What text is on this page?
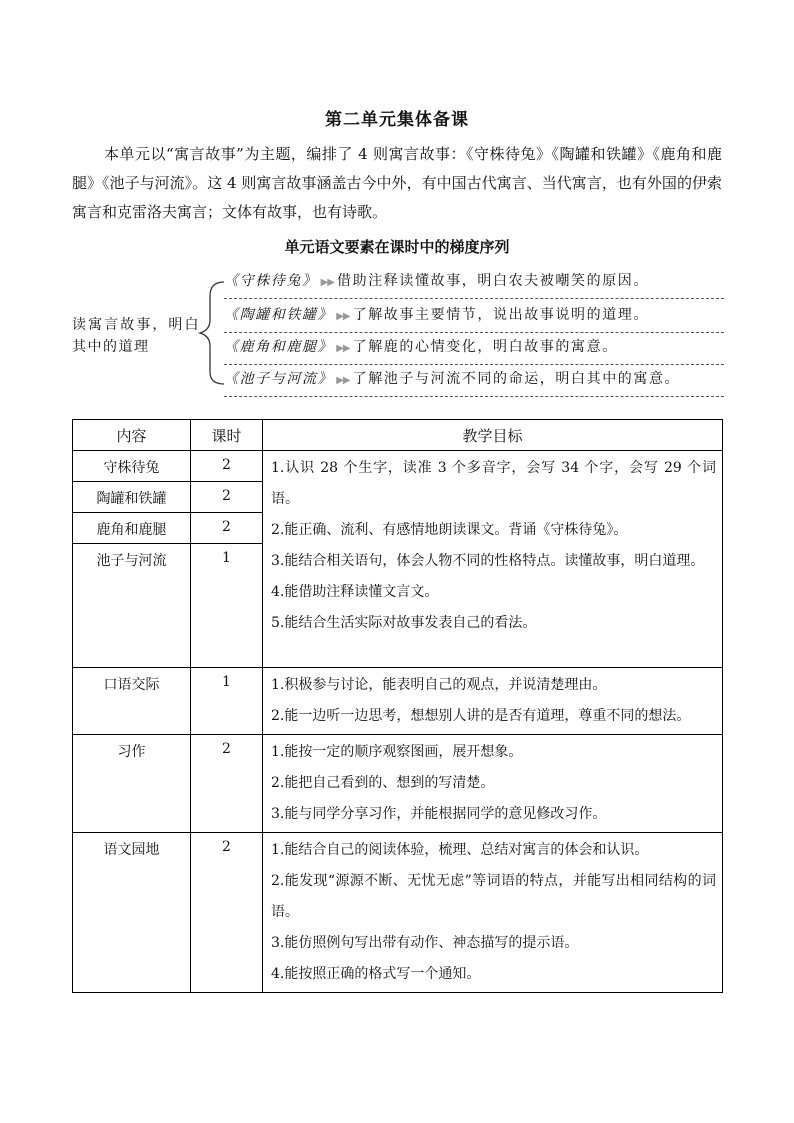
第二单元集体备课
本单元以“寓言故事”为主题，编排了 4 则寓言故事：《守株待兔》《陶罐和铁罐》《鹿角和鹿腿》《池子与河流》。这 4 则寓言故事涵盖古今中外，有中国古代寓言、当代寓言，也有外国的伊索寓言和克雷洛夫寓言；文体有故事，也有诗歌。
单元语文要素在课时中的梯度序列
读寓言故事，明白其中的道理
《守株待兔》 ▶▶ 借助注释读懂故事，明白农夫被嘲笑的原因。
《陶罐和铁罐》 ▶▶ 了解故事主要情节，说出故事说明的道理。
《鹿角和鹿腿》 ▶▶ 了解鹿的心情变化，明白故事的寓意。
《池子与河流》 ▶▶ 了解池子与河流不同的命运，明白其中的寓意。
内容	课时	教学目标
守株待兔	2	1.认识 28 个生字，读准 3 个多音字，会写 34 个字，会写 29 个词语。
2.能正确、流利、有感情地朗读课文。背诵《守株待兔》。
3.能结合相关语句，体会人物不同的性格特点。读懂故事，明白道理。
4.能借助注释读懂文言文。
5.能结合生活实际对故事发表自己的看法。

陶罐和铁罐	2	
鹿角和鹿腿	2	
池子与河流	1	
口语交际	1	1.积极参与讨论，能表明自己的观点，并说清楚理由。
2.能一边听一边思考，想想别人讲的是否有道理，尊重不同的想法。

习作	2	1.能按一定的顺序观察图画，展开想象。
2.能把自己看到的、想到的写清楚。
3.能与同学分享习作，并能根据同学的意见修改习作。

语文园地	2	1.能结合自己的阅读体验，梳理、总结对寓言的体会和认识。
2.能发现“源源不断、无忧无虑”等词语的特点，并能写出相同结构的词语。
3.能仿照例句写出带有动作、神态描写的提示语。
4.能按照正确的格式写一个通知。
